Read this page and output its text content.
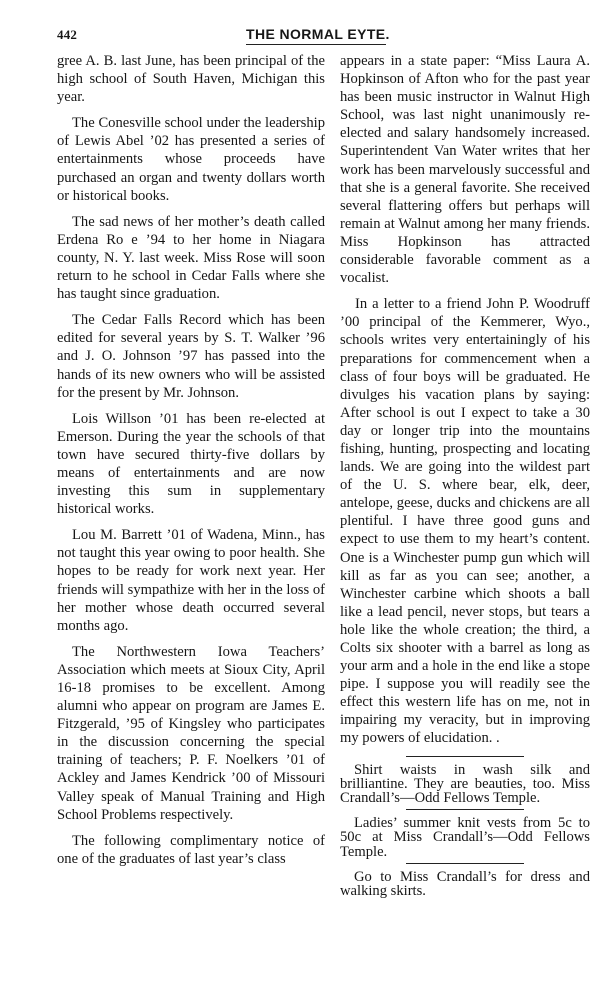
442	THE NORMAL EYTE.

gree A. B. last June, has been principal of the high school of South Haven, Michigan this year.

The Conesville school under the leadership of Lewis Abel ’02 has presented a series of entertainments whose proceeds have purchased an organ and twenty dollars worth or historical books.

The sad news of her mother’s death called Erdena Ro e ’94 to her home in Niagara county, N. Y. last week. Miss Rose will soon return to he school in Cedar Falls where she has taught since graduation.

The Cedar Falls Record which has been edited for several years by S. T. Walker ’96 and J. O. Johnson ’97 has passed into the hands of its new owners who will be assisted for the present by Mr. Johnson.

Lois Willson ’01 has been re-elected at Emerson. During the year the schools of that town have secured thirty-five dollars by means of entertainments and are now investing this sum in supplementary historical works.

Lou M. Barrett ’01 of Wadena, Minn., has not taught this year owing to poor health. She hopes to be ready for work next year. Her friends will sympathize with her in the loss of her mother whose death occurred several months ago.

The Northwestern Iowa Teachers’ Association which meets at Sioux City, April 16-18 promises to be excellent. Among alumni who appear on program are James E. Fitzgerald, ’95 of Kingsley who participates in the discussion concerning the special training of teachers; P. F. Noelkers ’01 of Ackley and James Kendrick ’00 of Missouri Valley speak of Manual Training and High School Problems respectively.

The following complimentary notice of one of the graduates of last year’s class

appears in a state paper: “Miss Laura A. Hopkinson of Afton who for the past year has been music instructor in Walnut High School, was last night unanimously re-elected and salary handsomely increased. Superintendent Van Water writes that her work has been marvelously successful and that she is a general favorite. She received several flattering offers but perhaps will remain at Walnut among her many friends. Miss Hopkinson has attracted considerable favorable comment as a vocalist.

In a letter to a friend John P. Woodruff ’00 principal of the Kemmerer, Wyo., schools writes very entertainingly of his preparations for commencement when a class of four boys will be graduated. He divulges his vacation plans by saying: After school is out I expect to take a 30 day or longer trip into the mountains fishing, hunting, prospecting and locating lands. We are going into the wildest part of the U. S. where bear, elk, deer, antelope, geese, ducks and chickens are all plentiful. I have three good guns and expect to use them to my heart’s content. One is a Winchester pump gun which will kill as far as you can see; another, a Winchester carbine which shoots a ball like a lead pencil, never stops, but tears a hole like the whole creation; the third, a Colts six shooter with a barrel as long as your arm and a hole in the end like a stope pipe. I suppose you will readily see the effect this western life has on me, not in impairing my veracity, but in improving my powers of elucidation. .

Shirt waists in wash silk and brilliantine. They are beauties, too. Miss Crandall’s—Odd Fellows Temple.

Ladies’ summer knit vests from 5c to 50c at Miss Crandall’s—Odd Fellows Temple.

Go to Miss Crandall’s for dress and walking skirts.
